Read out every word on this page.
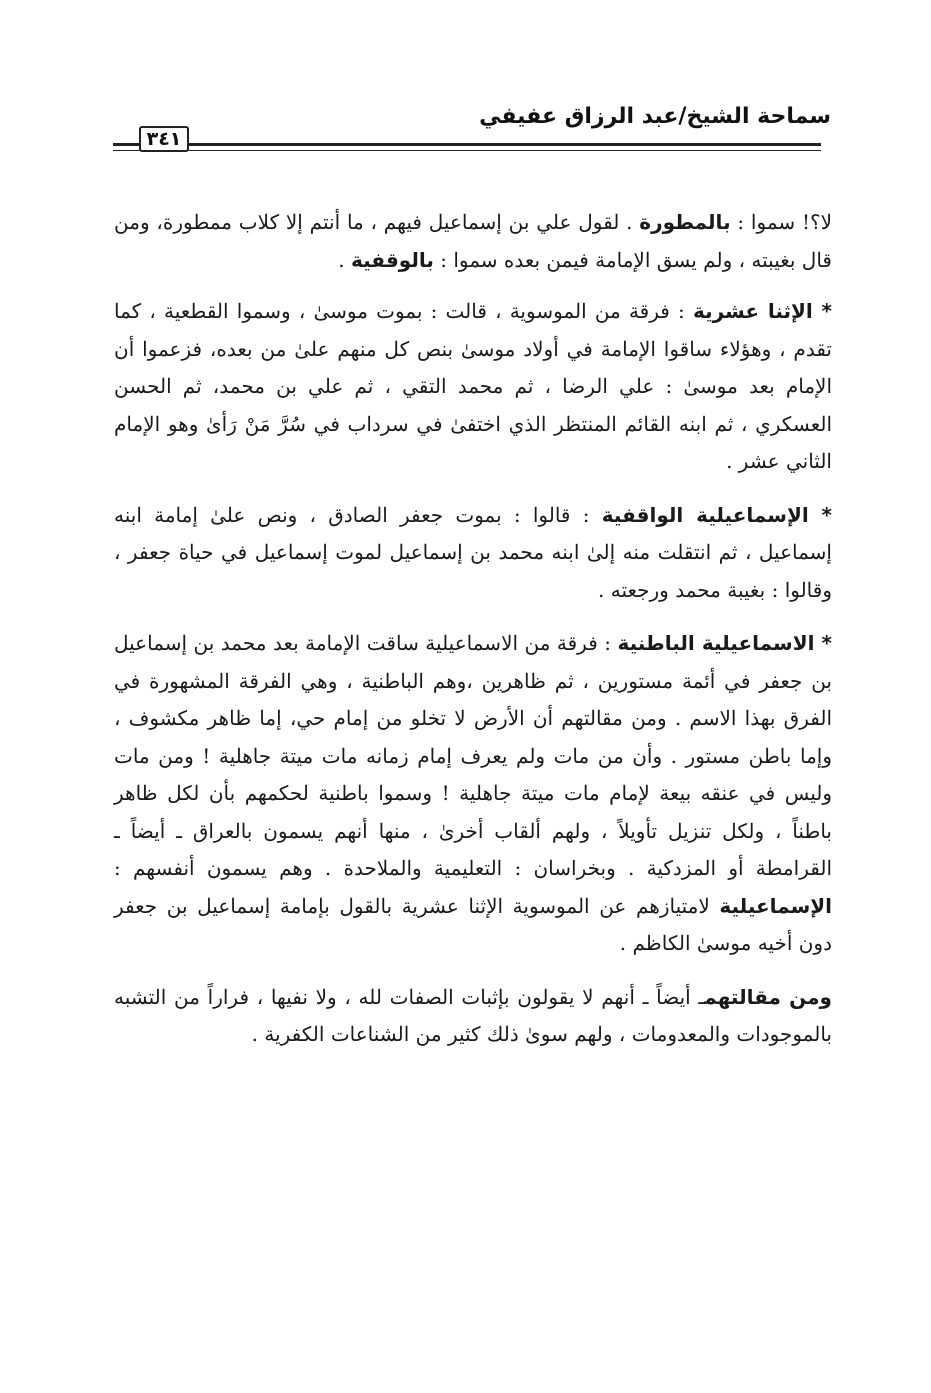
سماحة الشيخ/عبد الرزاق عفيفي
٣٤١

لا؟! سموا : بالمطورة . لقول علي بن إسماعيل فيهم ، ما أنتم إلا كلاب ممطورة، ومن قال بغيبته ، ولم يسق الإمامة فيمن بعده سموا : بالوقفية .

* الإثنا عشرية : فرقة من الموسوية ، قالت : بموت موسىٰ ، وسموا القطعية ، كما تقدم ، وهؤلاء ساقوا الإمامة في أولاد موسىٰ بنص كل منهم علىٰ من بعده، فزعموا أن الإمام بعد موسىٰ : علي الرضا ، ثم محمد التقي ، ثم علي بن محمد، ثم الحسن العسكري ، ثم ابنه القائم المنتظر الذي اختفىٰ في سرداب في سُرَّ مَنْ رَأىٰ وهو الإمام الثاني عشر .

* الإسماعيلية الواقفية : قالوا : بموت جعفر الصادق ، ونص علىٰ إمامة ابنه إسماعيل ، ثم انتقلت منه إلىٰ ابنه محمد بن إسماعيل لموت إسماعيل في حياة جعفر ، وقالوا : بغيبة محمد ورجعته .

* الاسماعيلية الباطنية : فرقة من الاسماعيلية ساقت الإمامة بعد محمد بن إسماعيل بن جعفر في أئمة مستورين ، ثم ظاهرين ،وهم الباطنية ، وهي الفرقة المشهورة في الفرق بهذا الاسم . ومن مقالتهم أن الأرض لا تخلو من إمام حي، إما ظاهر مكشوف ، وإما باطن مستور . وأن من مات ولم يعرف إمام زمانه مات ميتة جاهلية ! ومن مات وليس في عنقه بيعة لإمام مات ميتة جاهلية ! وسموا باطنية لحكمهم بأن لكل ظاهر باطناً ، ولكل تنزيل تأويلاً ، ولهم ألقاب أخرىٰ ، منها أنهم يسمون بالعراق ـ أيضاً ـ القرامطة أو المزدكية . وبخراسان : التعليمية والملاحدة . وهم يسمون أنفسهم : الإسماعيلية لامتيازهم عن الموسوية الإثنا عشرية بالقول بإمامة إسماعيل بن جعفر دون أخيه موسىٰ الكاظم .

ومن مقالتهمـ أيضاً ـ أنهم لا يقولون بإثبات الصفات لله ، ولا نفيها ، فراراً من التشبه بالموجودات والمعدومات ، ولهم سوىٰ ذلك كثير من الشناعات الكفرية .
